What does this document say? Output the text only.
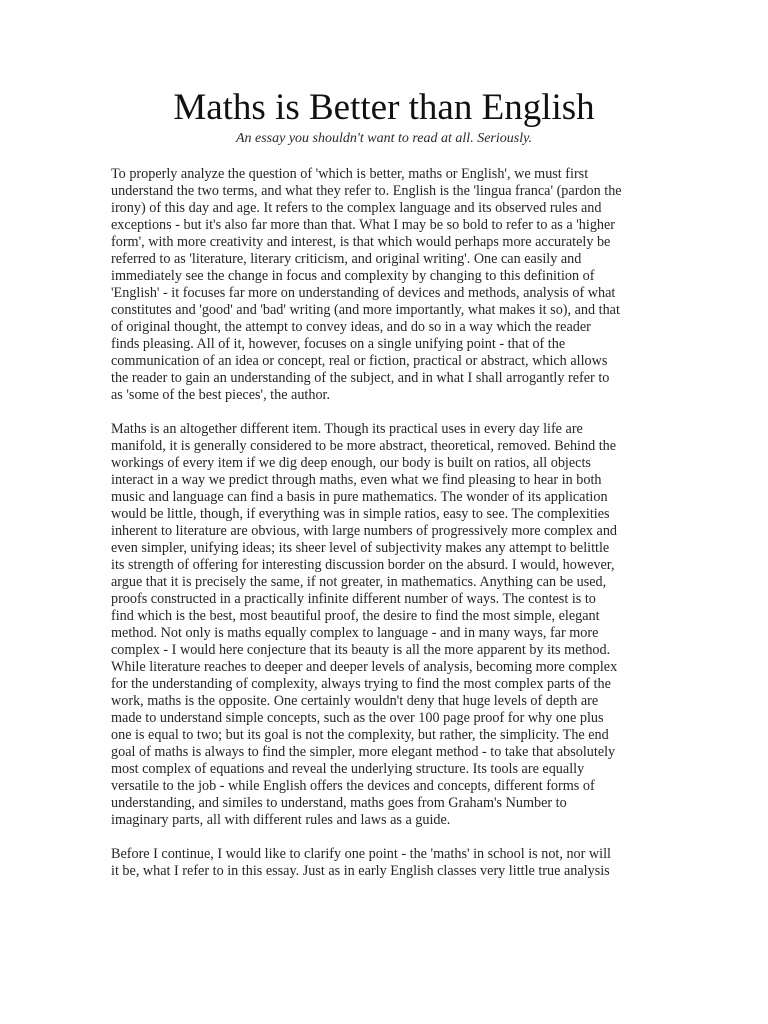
Maths is Better than English

An essay you shouldn't want to read at all. Seriously.

To properly analyze the question of 'which is better, maths or English', we must first
understand the two terms, and what they refer to. English is the 'lingua franca' (pardon the
irony) of this day and age. It refers to the complex language and its observed rules and
exceptions - but it's also far more than that. What I may be so bold to refer to as a 'higher
form', with more creativity and interest, is that which would perhaps more accurately be
referred to as 'literature, literary criticism, and original writing'. One can easily and
immediately see the change in focus and complexity by changing to this definition of
'English' - it focuses far more on understanding of devices and methods, analysis of what
constitutes and 'good' and 'bad' writing (and more importantly, what makes it so), and that
of original thought, the attempt to convey ideas, and do so in a way which the reader
finds pleasing. All of it, however, focuses on a single unifying point - that of the
communication of an idea or concept, real or fiction, practical or abstract, which allows
the reader to gain an understanding of the subject, and in what I shall arrogantly refer to
as 'some of the best pieces', the author.

Maths is an altogether different item. Though its practical uses in every day life are
manifold, it is generally considered to be more abstract, theoretical, removed. Behind the
workings of every item if we dig deep enough, our body is built on ratios, all objects
interact in a way we predict through maths, even what we find pleasing to hear in both
music and language can find a basis in pure mathematics. The wonder of its application
would be little, though, if everything was in simple ratios, easy to see. The complexities
inherent to literature are obvious, with large numbers of progressively more complex and
even simpler, unifying ideas; its sheer level of subjectivity makes any attempt to belittle
its strength of offering for interesting discussion border on the absurd. I would, however,
argue that it is precisely the same, if not greater, in mathematics. Anything can be used,
proofs constructed in a practically infinite different number of ways. The contest is to
find which is the best, most beautiful proof, the desire to find the most simple, elegant
method. Not only is maths equally complex to language - and in many ways, far more
complex - I would here conjecture that its beauty is all the more apparent by its method.
While literature reaches to deeper and deeper levels of analysis, becoming more complex
for the understanding of complexity, always trying to find the most complex parts of the
work, maths is the opposite. One certainly wouldn't deny that huge levels of depth are
made to understand simple concepts, such as the over 100 page proof for why one plus
one is equal to two; but its goal is not the complexity, but rather, the simplicity. The end
goal of maths is always to find the simpler, more elegant method - to take that absolutely
most complex of equations and reveal the underlying structure. Its tools are equally
versatile to the job - while English offers the devices and concepts, different forms of
understanding, and similes to understand, maths goes from Graham's Number to
imaginary parts, all with different rules and laws as a guide.

Before I continue, I would like to clarify one point - the 'maths' in school is not, nor will
it be, what I refer to in this essay. Just as in early English classes very little true analysis
